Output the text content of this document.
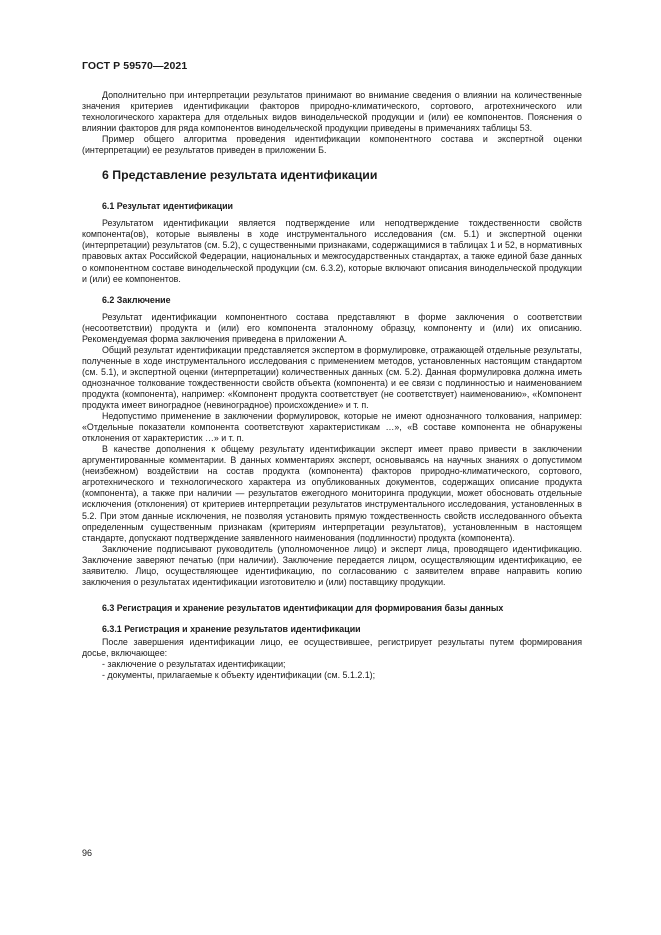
ГОСТ Р 59570—2021

Дополнительно при интерпретации результатов принимают во внимание сведения о влиянии на количественные значения критериев идентификации факторов природно-климатического, сортового, агротехнического или технологического характера для отдельных видов винодельческой продукции и (или) ее компонентов. Пояснения о влиянии факторов для ряда компонентов винодельческой продукции приведены в примечаниях таблицы 53.

Пример общего алгоритма проведения идентификации компонентного состава и экспертной оценки (интерпретации) ее результатов приведен в приложении Б.

6 Представление результата идентификации
6.1 Результат идентификации

Результатом идентификации является подтверждение или неподтверждение тождественности свойств компонента(ов), которые выявлены в ходе инструментального исследования (см. 5.1) и экспертной оценки (интерпретации) результатов (см. 5.2), с существенными признаками, содержащимися в таблицах 1 и 52, в нормативных правовых актах Российской Федерации, национальных и межгосударственных стандартах, а также единой базе данных о компонентном составе винодельческой продукции (см. 6.3.2), которые включают описания винодельческой продукции и (или) ее компонентов.

6.2 Заключение

Результат идентификации компонентного состава представляют в форме заключения о соответствии (несоответствии) продукта и (или) его компонента эталонному образцу, компоненту и (или) их описанию. Рекомендуемая форма заключения приведена в приложении А.

Общий результат идентификации представляется экспертом в формулировке, отражающей отдельные результаты, полученные в ходе инструментального исследования с применением методов, установленных настоящим стандартом (см. 5.1), и экспертной оценки (интерпретации) количественных данных (см. 5.2). Данная формулировка должна иметь однозначное толкование тождественности свойств объекта (компонента) и ее связи с подлинностью и наименованием продукта (компонента), например: «Компонент продукта соответствует (не соответствует) наименованию», «Компонент продукта имеет виноградное (невиноградное) происхождение» и т. п.

Недопустимо применение в заключении формулировок, которые не имеют однозначного толкования, например: «Отдельные показатели компонента соответствуют характеристикам …», «В составе компонента не обнаружены отклонения от характеристик …» и т. п.

В качестве дополнения к общему результату идентификации эксперт имеет право привести в заключении аргументированные комментарии. В данных комментариях эксперт, основываясь на научных знаниях о допустимом (неизбежном) воздействии на состав продукта (компонента) факторов природно-климатического, сортового, агротехнического и технологического характера из опубликованных документов, содержащих описание продукта (компонента), а также при наличии — результатов ежегодного мониторинга продукции, может обосновать отдельные исключения (отклонения) от критериев интерпретации результатов инструментального исследования, установленных в 5.2. При этом данные исключения, не позволяя установить прямую тождественность свойств исследованного объекта определенным существенным признакам (критериям интерпретации результатов), установленным в настоящем стандарте, допускают подтверждение заявленного наименования (подлинности) продукта (компонента).

Заключение подписывают руководитель (уполномоченное лицо) и эксперт лица, проводящего идентификацию. Заключение заверяют печатью (при наличии). Заключение передается лицом, осуществляющим идентификацию, ее заявителю. Лицо, осуществляющее идентификацию, по согласованию с заявителем вправе направить копию заключения о результатах идентификации изготовителю и (или) поставщику продукции.

6.3 Регистрация и хранение результатов идентификации для формирования базы данных
6.3.1 Регистрация и хранение результатов идентификации

После завершения идентификации лицо, ее осуществившее, регистрирует результаты путем формирования досье, включающее:

- заключение о результатах идентификации;

- документы, прилагаемые к объекту идентификации (см. 5.1.2.1);

96
